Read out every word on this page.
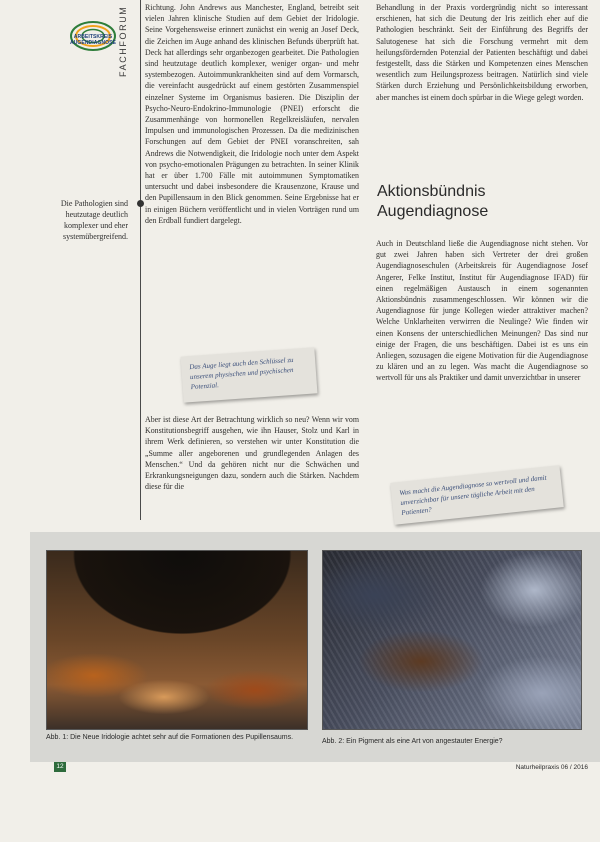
ARBEITSKREIS
AUGENDIAGNOSE FACHFORUM
Die Pathologien sind heutzutage deutlich komplexer und eher systemübergreifend.

Richtung. John Andrews aus Manchester, England, betreibt seit vielen Jahren klinische Studien auf dem Gebiet der Iridologie. Seine Vorgehensweise erinnert zunächst ein wenig an Josef Deck, die Zeichen im Auge anhand des klinischen Befunds überprüft hat. Deck hat allerdings sehr organbezogen gearbeitet. Die Pathologien sind heutzutage deutlich komplexer, weniger organ- und mehr systembezogen. Autoimmunkrankheiten sind auf dem Vormarsch, die vereinfacht ausgedrückt auf einem gestörten Zusammenspiel einzelner Systeme im Organismus basieren. Die Disziplin der Psycho-Neuro-Endokrino-Immunologie (PNEI) erforscht die Zusammenhänge von hormonellen Regelkreisläufen, nervalen Impulsen und immunologischen Prozessen. Da die medizinischen Forschungen auf dem Gebiet der PNEI voranschreiten, sah Andrews die Notwendigkeit, die Iridologie noch unter dem Aspekt von psycho-emotionalen Prägungen zu betrachten. In seiner Klinik hat er über 1.700 Fälle mit autoimmunen Symptomatiken untersucht und dabei insbesondere die Krausenzone, Krause und den Pupillensaum in den Blick genommen. Seine Ergebnisse hat er in einigen Büchern veröffentlicht und in vielen Vorträgen rund um den Erdball fundiert dargelegt.

Das Auge liegt auch den Schlüssel zu unserem physischen und psychischen Potenzial.

Aber ist diese Art der Betrachtung wirklich so neu? Wenn wir vom Konstitutionsbegriff ausgehen, wie ihn Hauser, Stolz und Karl in ihrem Werk definieren, so verstehen wir unter Konstitution die „Summe aller angeborenen und grundlegenden Anlagen des Menschen.“ Und da gehören nicht nur die Schwächen und Erkrankungsneigungen dazu, sondern auch die Stärken. Nachdem diese für die

Behandlung in der Praxis vordergründig nicht so interessant erschienen, hat sich die Deutung der Iris zeitlich eher auf die Pathologien beschränkt. Seit der Einführung des Begriffs der Salutogenese hat sich die Forschung vermehrt mit dem heilungsfördernden Potenzial der Patienten beschäftigt und dabei festgestellt, dass die Stärken und Kompetenzen eines Menschen wesentlich zum Heilungsprozess beitragen. Natürlich sind viele Stärken durch Erziehung und Persönlichkeitsbildung erworben, aber manches ist einem doch spürbar in die Wiege gelegt worden.

Aktionsbündnis Augendiagnose

Auch in Deutschland ließe die Augendiagnose nicht stehen. Vor gut zwei Jahren haben sich Vertreter der drei großen Augendiagnoseschulen (Arbeitskreis für Augendiagnose Josef Angerer, Felke Institut, Institut für Augendiagnose IFAD) für einen regelmäßigen Austausch in einem sogenannten Aktionsbündnis zusammengeschlossen. Wir können wir die Augendiagnose für junge Kollegen wieder attraktiver machen? Welche Unklarheiten verwirren die Neulinge? Wie finden wir einen Konsens der unterschiedlichen Meinungen? Das sind nur einige der Fragen, die uns beschäftigen. Dabei ist es uns ein Anliegen, sozusagen die eigene Motivation für die Augendiagnose zu klären und an zu legen. Was macht die Augendiagnose so wertvoll für uns als Praktiker und damit unverzichtbar in unserer

Was macht die Augendiagnose so wertvoll und damit unverzichtbar für unsere tägliche Arbeit mit den Patienten?
Abb. 1: Die Neue Iridologie achtet sehr auf die Formationen des Pupillensaums.
Abb. 2: Ein Pigment als eine Art von angestauter Energie?
12	Naturheilpraxis 06 / 2016
